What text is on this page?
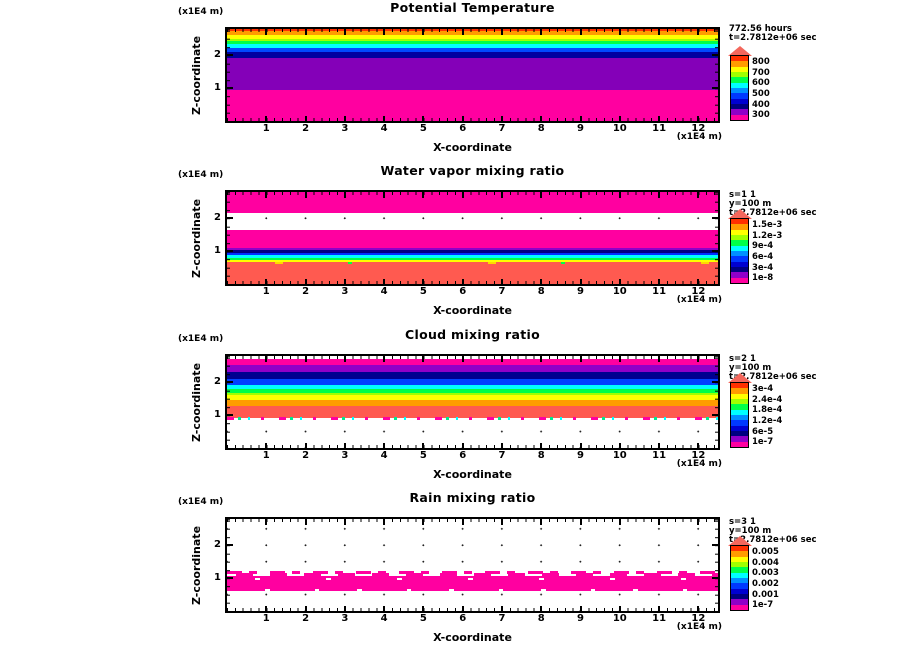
Potential Temperature
(x1E4 m)
Z-coordinate
1	2	3	4	5	6	7	8	9	10	11	12
1
2
(x1E4 m)
X-coordinate
772.56 hours
t=2.7812e+06 sec
800
700
600
500
400
300
Water vapor mixing ratio
(x1E4 m)
Z-coordinate
1	2	3	4	5	6	7	8	9	10	11	12
1
2
(x1E4 m)
X-coordinate
s=1 1
y=100 m
t=2.7812e+06 sec
1.5e-3
1.2e-3
9e-4
6e-4
3e-4
1e-8
Cloud mixing ratio
(x1E4 m)
Z-coordinate
1	2	3	4	5	6	7	8	9	10	11	12
1
2
(x1E4 m)
X-coordinate
s=2 1
y=100 m
t=2.7812e+06 sec
3e-4
2.4e-4
1.8e-4
1.2e-4
6e-5
1e-7
Rain mixing ratio
(x1E4 m)
Z-coordinate
1	2	3	4	5	6	7	8	9	10	11	12
1
2
(x1E4 m)
X-coordinate
s=3 1
y=100 m
t=2.7812e+06 sec
0.005
0.004
0.003
0.002
0.001
1e-7
